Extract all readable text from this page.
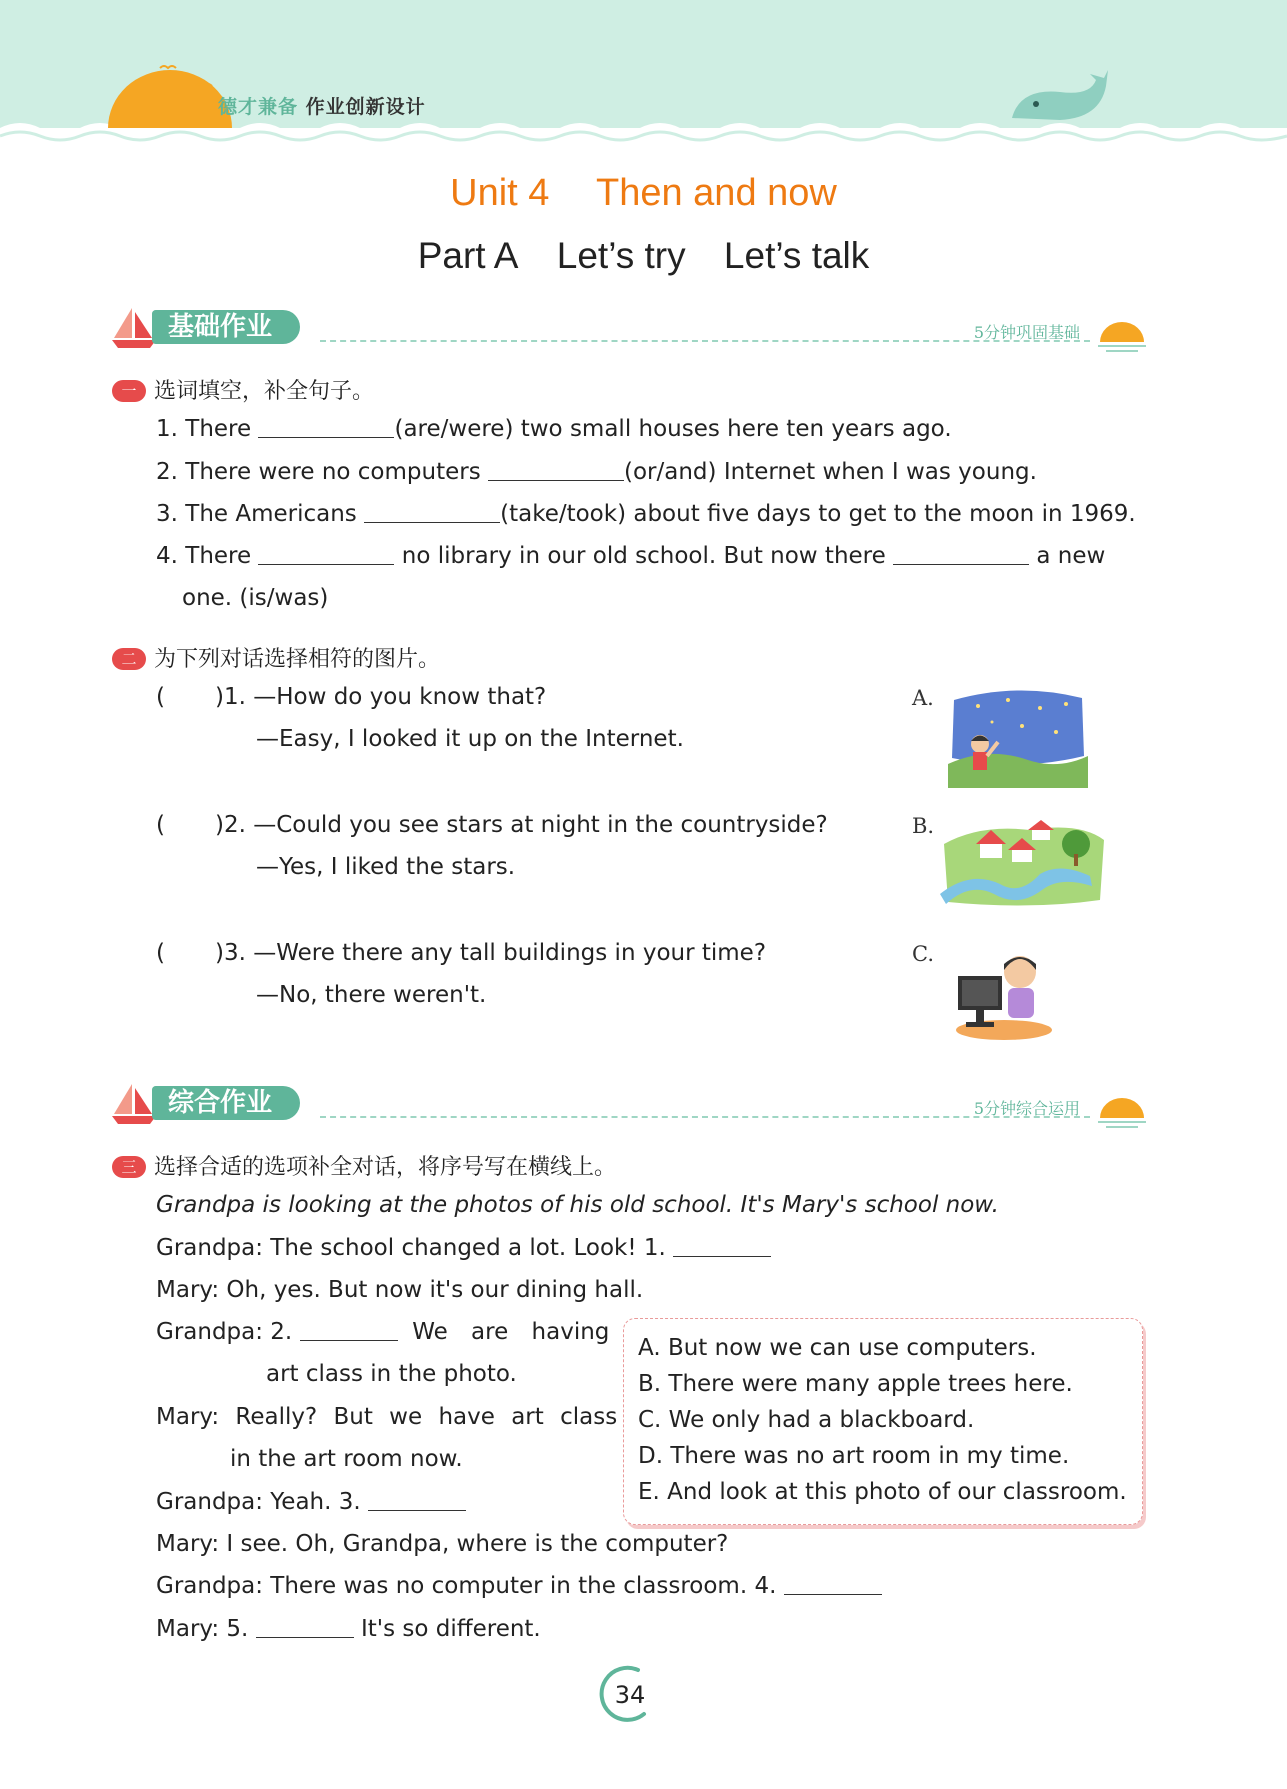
德才兼备 作业创新设计
Unit 4 Then and now
Part A Let’s try Let’s talk
基础作业	5分钟巩固基础
一 选词填空，补全句子。
1. There	(are/were) two small houses here ten years ago.
2. There were no computers	(or/and) Internet when I was young.
3. The Americans	(take/took) about five days to get to the moon in 1969.
4. There	no library in our old school. But now there	a new
one. (is/was)
二 为下列对话选择相符的图片。
( )1. —How do you know that?
—Easy, I looked it up on the Internet.
( )2. —Could you see stars at night in the countryside?
—Yes, I liked the stars.
( )3. —Were there any tall buildings in your time?
—No, there weren't.
A.
B.
C.
综合作业	5分钟综合运用
三 选择合适的选项补全对话，将序号写在横线上。
Grandpa is looking at the photos of his old school. It's Mary's school now.
Grandpa: The school changed a lot. Look! 1.
Mary: Oh, yes. But now it's our dining hall.
Grandpa: 2.	We are having
art class in the photo.
Mary: Really? But we have art class
in the art room now.
Grandpa: Yeah. 3.
Mary: I see. Oh, Grandpa, where is the computer?
Grandpa: There was no computer in the classroom. 4.
Mary: 5.	It's so different.
A. But now we can use computers.
B. There were many apple trees here.
C. We only had a blackboard.
D. There was no art room in my time.
E. And look at this photo of our classroom.
34
